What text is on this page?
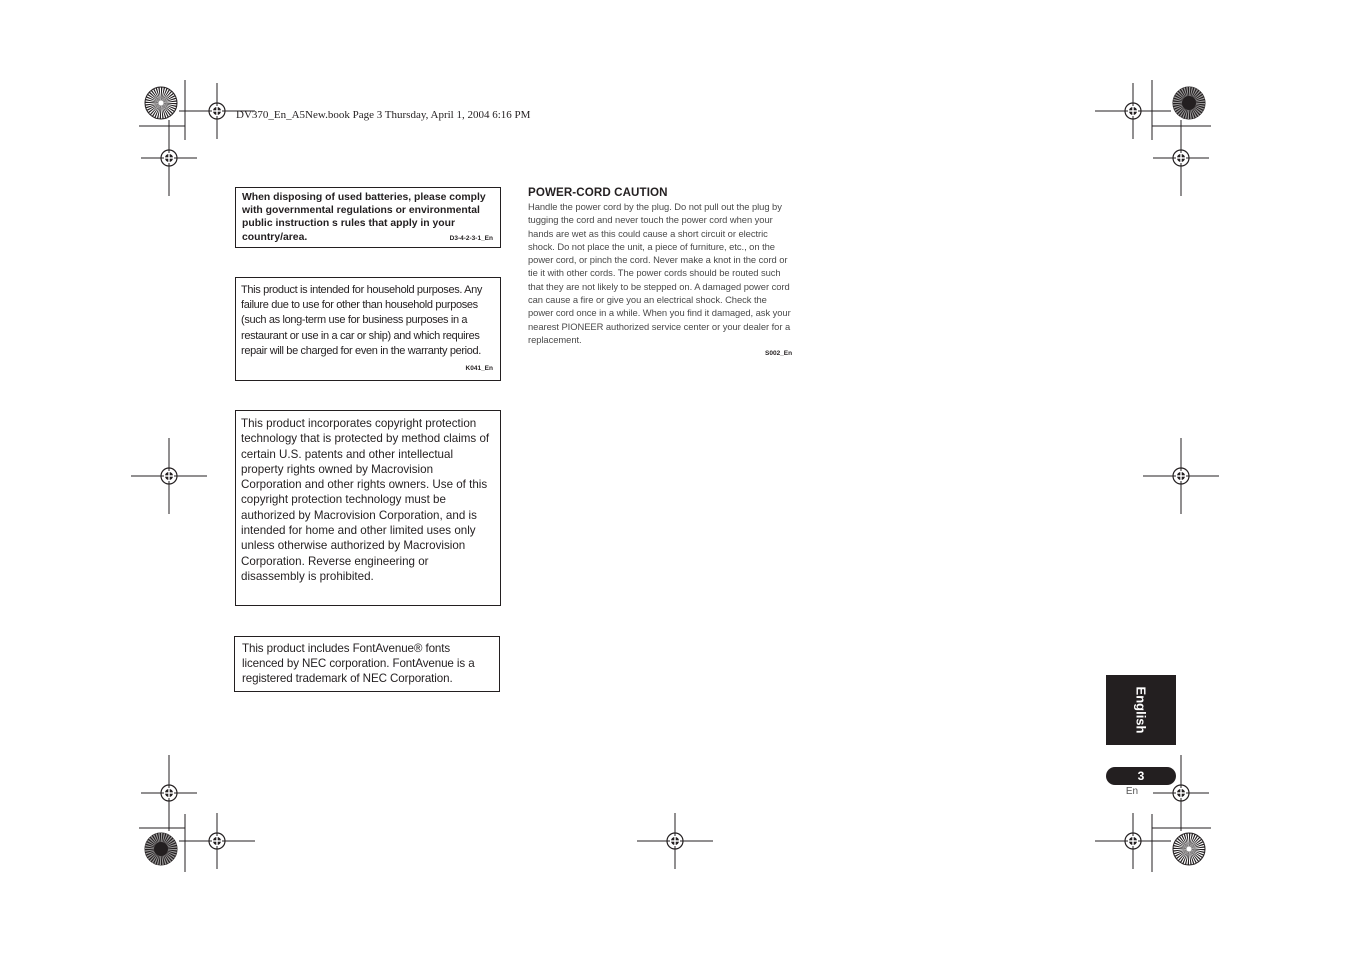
DV370_En_A5New.book Page 3 Thursday, April 1, 2004 6:16 PM
When disposing of used batteries, please comply with governmental regulations or environmental public instruction s rules that apply in your country/area.	D3-4-2-3-1_En
This product is intended for household purposes. Any failure due to use for other than household purposes (such as long-term use for business purposes in a restaurant or use in a car or ship) and which requires repair will be charged for even in the warranty period.
K041_En
This product incorporates copyright protection technology that is protected by method claims of certain U.S. patents and other intellectual property rights owned by Macrovision Corporation and other rights owners. Use of this copyright protection technology must be authorized by Macrovision Corporation, and is intended for home and other limited uses only unless otherwise authorized by Macrovision Corporation. Reverse engineering or disassembly is prohibited.
This product includes FontAvenue® fonts licenced by NEC corporation. FontAvenue is a registered trademark of NEC Corporation.
POWER-CORD CAUTION
Handle the power cord by the plug. Do not pull out the plug by tugging the cord and never touch the power cord when your hands are wet as this could cause a short circuit or electric shock. Do not place the unit, a piece of furniture, etc., on the power cord, or pinch the cord. Never make a knot in the cord or tie it with other cords. The power cords should be routed such that they are not likely to be stepped on. A damaged power cord can cause a fire or give you an electrical shock. Check the power cord once in a while. When you find it damaged, ask your nearest PIONEER authorized service center or your dealer for a replacement.
S002_En
English
3
En
